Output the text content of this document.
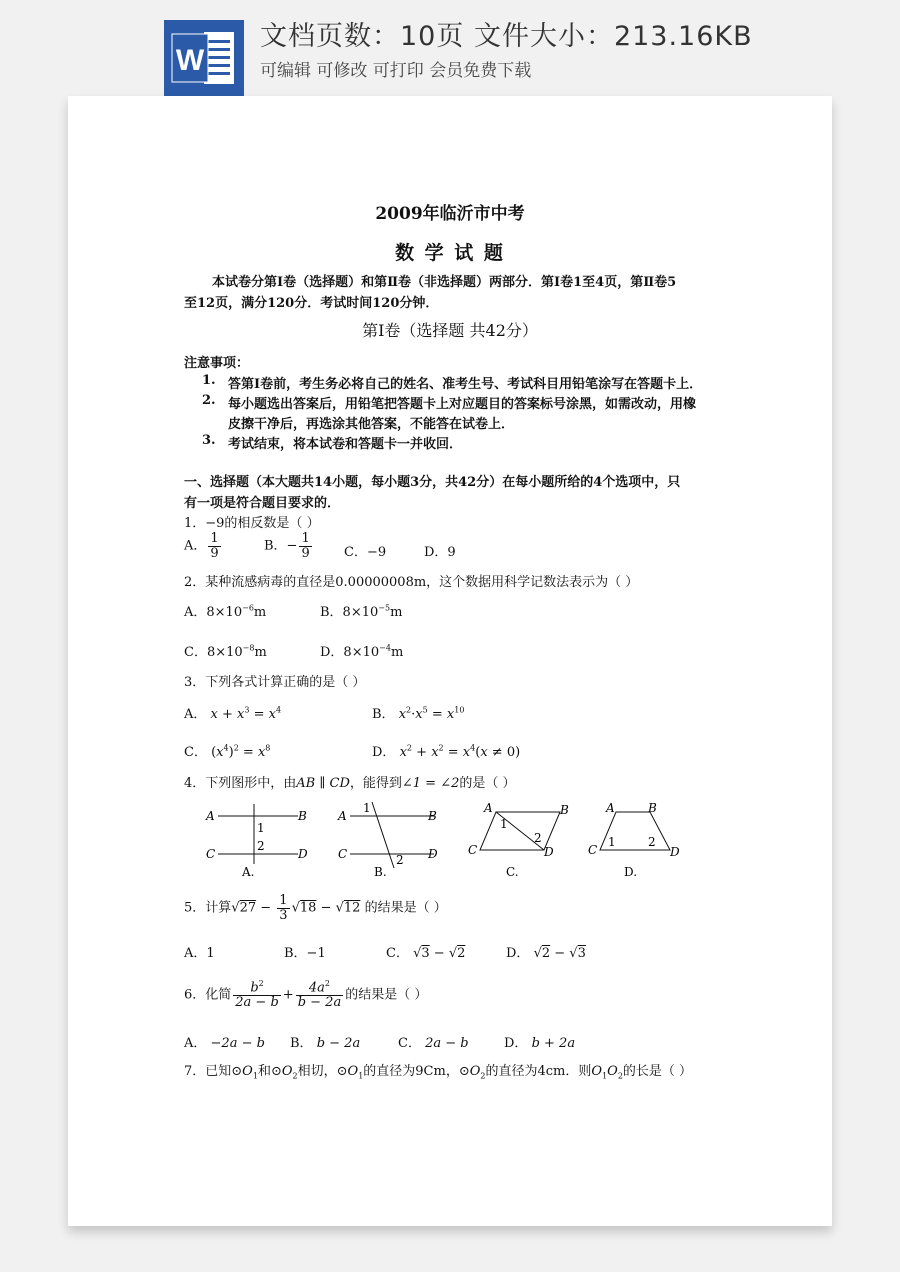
W
文档页数：10页 文件大小：213.16KB
可编辑 可修改 可打印 会员免费下载
2009年临沂市中考
数 学 试 题
本试卷分第Ⅰ卷（选择题）和第Ⅱ卷（非选择题）两部分．第Ⅰ卷1至4页，第Ⅱ卷5
至12页，满分120分．考试时间120分钟．
第Ⅰ卷（选择题 共42分）
注意事项：
1. 答第Ⅰ卷前，考生务必将自己的姓名、准考生号、考试科目用铅笔涂写在答题卡上．
2. 每小题选出答案后，用铅笔把答题卡上对应题目的答案标号涂黑，如需改动，用橡
皮擦干净后，再选涂其他答案，不能答在试卷上．
3. 考试结束，将本试卷和答题卡一并收回．
一、选择题（本大题共14小题，每小题3分，共42分）在每小题所给的4个选项中，只
有一项是符合题目要求的．
1．−9的相反数是（ ）
A． $\frac{1}{9}$	B．− $\frac{1}{9}$ C．−9	D．9
2．某种流感病毒的直径是0.00000008m，这个数据用科学记数法表示为（ ）
A．$8\times 10^{-6}m$	B．$8\times 10^{-5}m$
C．$8\times 10^{-8}m$	D．$8\times 10^{-4}m$
3．下列各式计算正确的是（ ）
A． $x + x^3 = x^4$	B． $x^2\cdot x^5 = x^{10}$
C． $(x^4)^2 = x^8$	D． $x^2 + x^2 = x^4(x \ne 0)$
4．下列图形中，由AB ∥ CD，能得到∠1 = ∠2的是（ ）
A	B
C	D
1
2
A.
A	B
C	D
1
2
B.
A	B
C	D
1
2
C.
A	B
C	D
1	2
D.
5．计算$√27 - \frac{1}{3} √18 - √12$ 的结果是（ ）
A．1	B．−1	C． √3 − √2	D． √2 − √3
6．化简 $\frac{b^2}{2a - b} + \frac{4a^2}{b - 2a}$ 的结果是（ ）
A． −2a − b B． b − 2a	C． 2a − b	D． b + 2a
7．已知$⊙O_1$和$⊙O_2$相切，$⊙O_1$的直径为9Cm，$⊙O_2$的直径为4cm．则$O_1O_2$的长是（ ）
